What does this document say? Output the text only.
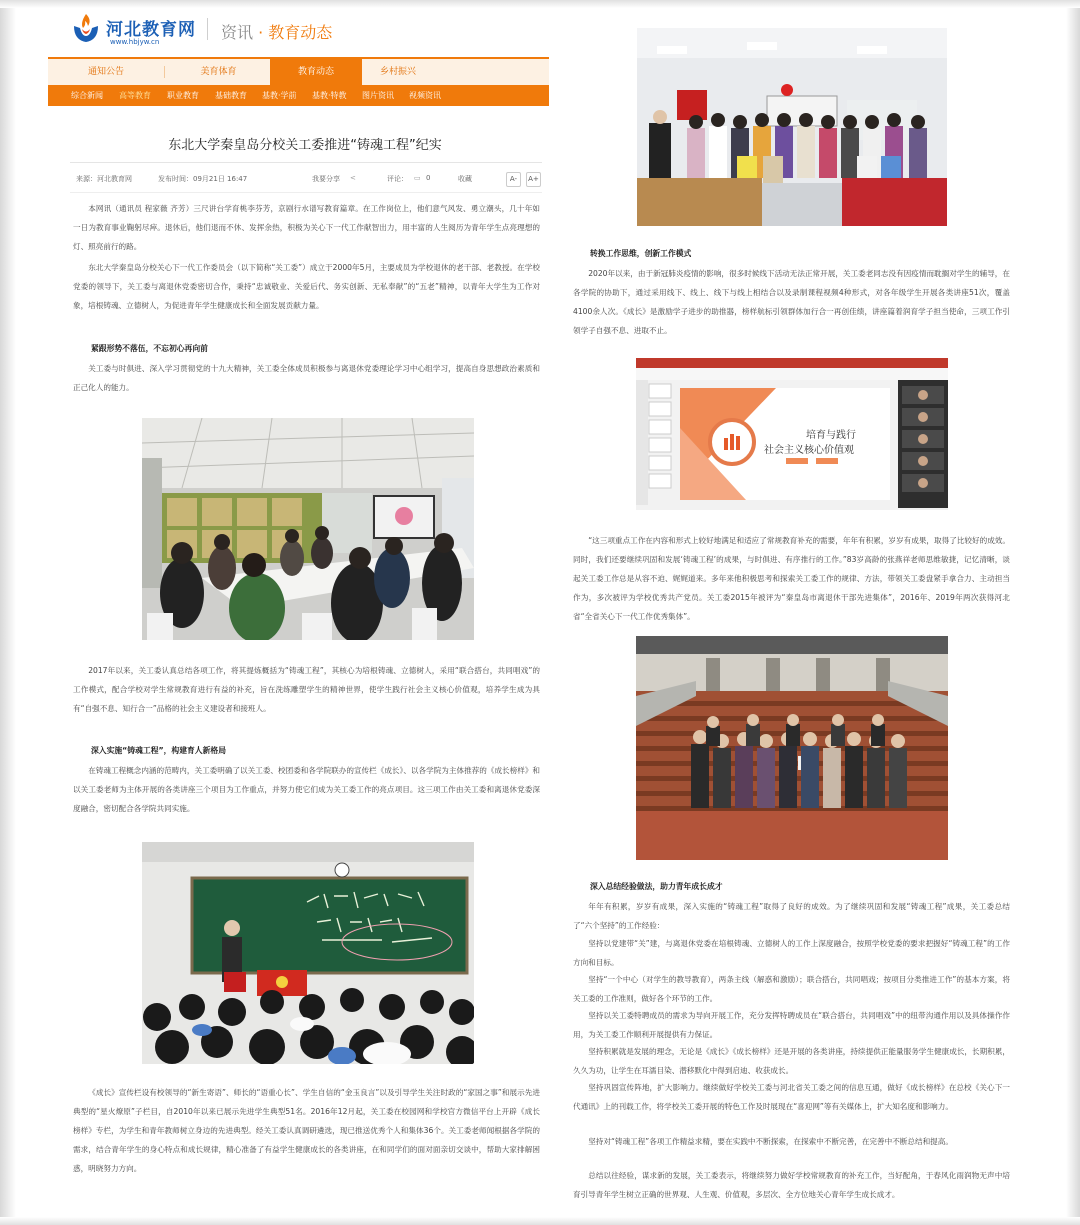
河北教育网
www.hbjyw.cn	资讯 · 教育动态
通知公告	美育体育	教育动态	乡村振兴
综合新闻 高等教育 职业教育 基础教育 基教·学前 基教·特教 图片资讯 视频资讯
东北大学秦皇岛分校关工委推进“铸魂工程”纪实
来源：河北教育网	发布时间：09月21日 16:47	我要分享 <	评论： ▭ 0	收藏	A-	A+
本网讯（通讯员 程家薇 齐芳）三尺讲台学育桃李芬芳，京剧行水谱写教育篇章。在工作岗位上，他们意气风发、勇立潮头，几十年如一日为教育事业鞠躬尽瘁。退休后，他们退而不休、发挥余热，积极为关心下一代工作献智出力，用丰富的人生阅历为青年学生点亮理想的灯、照亮前行的路。
东北大学秦皇岛分校关心下一代工作委员会（以下简称“关工委”）成立于2000年5月，主要成员为学校退休的老干部、老教授。在学校党委的领导下，关工委与离退休党委密切合作，秉持“忠诚敬业、关爱后代、务实创新、无私奉献”的“五老”精神，以青年大学生为工作对象，培根铸魂、立德树人，为促进青年学生健康成长和全面发展贡献力量。
紧跟形势不落伍，不忘初心再向前
关工委与时俱进、深入学习贯彻党的十九大精神，关工委全体成员积极参与离退休党委理论学习中心组学习，提高自身思想政治素质和正己化人的能力。
2017年以来，关工委认真总结各项工作，将其提炼概括为“铸魂工程”，其核心为培根铸魂、立德树人，采用“联合搭台，共同唱戏”的工作模式，配合学校对学生常规教育进行有益的补充，旨在洗练雕塑学生的精神世界，使学生践行社会主义核心价值观，培养学生成为具有“自强不息、知行合一”品格的社会主义建设者和接班人。
深入实施“铸魂工程”，构建育人新格局
在铸魂工程概念内涵的范畴内，关工委明确了以关工委、校团委和各学院联办的宣传栏《成长》、以各学院为主体推荐的《成长榜样》和以关工委老师为主体开展的各类讲座三个项目为工作重点，并努力使它们成为关工委工作的亮点项目。这三项工作由关工委和离退休党委深度融合，密切配合各学院共同实施。
《成长》宣传栏设有校领导的“新生寄语”、师长的“语重心长”、学生自信的“金玉良言”以及引导学生关注时政的“家国之事”和展示先进典型的“星火燎原”子栏目，自2010年以来已展示先进学生典型51名。2016年12月起，关工委在校园网和学校官方微信平台上开辟《成长榜样》专栏，为学生和青年教师树立身边的先进典型。经关工委认真调研遴选，现已推送优秀个人和集体36个。关工委老师闻根据各学院的需求，结合青年学生的身心特点和成长规律，精心准备了有益学生健康成长的各类讲座，在和同学们的面对面亲切交谈中，帮助大家排解困惑，明晓努力方向。
转换工作思维，创新工作模式
2020年以来，由于新冠肺炎疫情的影响，很多时候线下活动无法正常开展，关工委老同志没有因疫情而耽搁对学生的辅导，在各学院的协助下，通过采用线下、线上、线下与线上相结合以及录制课程视频4种形式，对各年级学生开展各类讲座51次，覆盖4100余人次。《成长》是激励学子进步的助推器，榜样航标引领群体加行合一再创佳绩，讲座篇着润育学子担当使命，三项工作引领学子自强不息、进取不止。
培育与践行
社会主义核心价值观
“这三项重点工作在内容和形式上较好地满足和适应了常规教育补充的需要，年年有积累，岁岁有成果，取得了比较好的成效。同时，我们还要继续巩固和发展‘铸魂工程’的成果，与时俱进、有序推行的工作。”83岁高龄的张燕祥老师思维敏捷，记忆清晰，谈起关工委工作总是从容不迫、娓娓道来。多年来他积极思考和探索关工委工作的规律、方法，带领关工委盘紧手拿合力、主动担当作为，多次被评为学校优秀共产党员。关工委2015年被评为“秦皇岛市离退休干部先进集体”，2016年、2019年两次获得河北省“全省关心下一代工作优秀集体”。
深入总结经验做法，助力青年成长成才
年年有积累，岁岁有成果，深入实施的“铸魂工程”取得了良好的成效。为了继续巩固和发展“铸魂工程”成果，关工委总结了“六个坚持”的工作经验：
坚持以党建带“关”建，与离退休党委在培根铸魂、立德树人的工作上深度融合，按照学校党委的要求把握好“铸魂工程”的工作方向和目标。
坚持“一个中心（对学生的教导教育），两条主线（解惑和激励）；联合搭台，共同唱戏；按项目分类推进工作”的基本方案，将关工委的工作准则，做好各个环节的工作。
坚持以关工委特聘成员的需求为导向开展工作，充分发挥特聘成员在“联合搭台，共同唱戏”中的纽带沟通作用以及具体操作作用，为关工委工作顺利开展提供有力保证。
坚持积累就是发展的理念，无论是《成长》《成长榜样》还是开展的各类讲座，持续提供正能量服务学生健康成长，长期积累，久久为功，让学生在耳濡目染、潜移默化中得到启迪、收获成长。
坚持巩固宣传阵地，扩大影响力。继续做好学校关工委与河北省关工委之间的信息互通，做好《成长榜样》在总校《关心下一代通讯》上的刊载工作，将学校关工委开展的特色工作及时展现在“喜迎网”等有关媒体上，扩大知名度和影响力。
坚持对“铸魂工程”各项工作精益求精，要在实践中不断探索，在探索中不断完善，在完善中不断总结和提高。
总结以往经验，谋求新的发展，关工委表示，将继续努力做好学校常规教育的补充工作，当好配角，于春风化雨润物无声中培育引导青年学生树立正确的世界观、人生观、价值观，多层次、全方位地关心青年学生成长成才。
